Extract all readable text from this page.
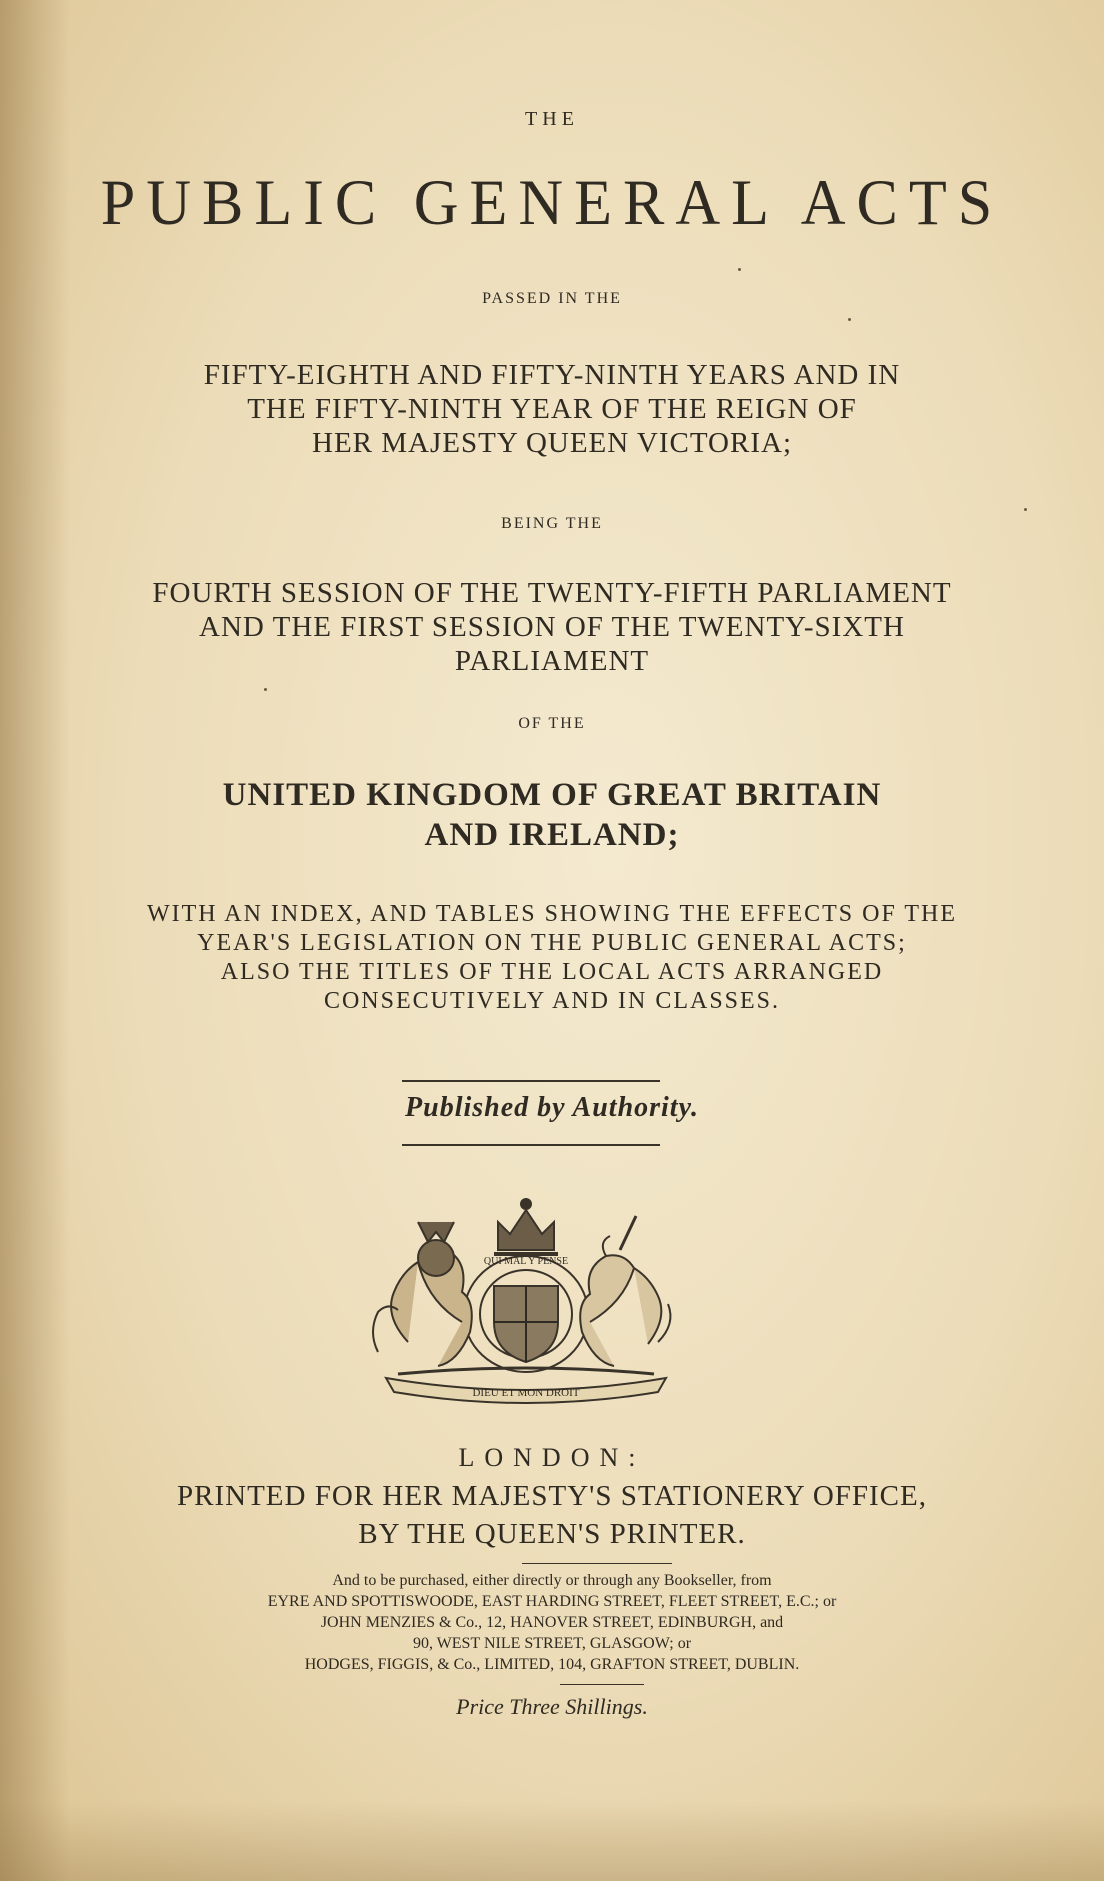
THE
PUBLIC GENERAL ACTS
PASSED IN THE
FIFTY-EIGHTH AND FIFTY-NINTH YEARS AND IN
THE FIFTY-NINTH YEAR OF THE REIGN OF
HER MAJESTY QUEEN VICTORIA;
BEING THE
FOURTH SESSION OF THE TWENTY-FIFTH PARLIAMENT
AND THE FIRST SESSION OF THE TWENTY-SIXTH
PARLIAMENT
OF THE
UNITED KINGDOM OF GREAT BRITAIN
AND IRELAND;
WITH AN INDEX, AND TABLES SHOWING THE EFFECTS OF THE
YEAR'S LEGISLATION ON THE PUBLIC GENERAL ACTS;
ALSO THE TITLES OF THE LOCAL ACTS ARRANGED
CONSECUTIVELY AND IN CLASSES.
Published by Authority.
QUI MAL Y PENSE
DIEU ET MON DROIT
LONDON:
PRINTED FOR HER MAJESTY'S STATIONERY OFFICE,
BY THE QUEEN'S PRINTER.
And to be purchased, either directly or through any Bookseller, from
EYRE AND SPOTTISWOODE, EAST HARDING STREET, FLEET STREET, E.C.; or
JOHN MENZIES & Co., 12, HANOVER STREET, EDINBURGH, and
90, WEST NILE STREET, GLASGOW; or
HODGES, FIGGIS, & Co., LIMITED, 104, GRAFTON STREET, DUBLIN.
Price Three Shillings.
